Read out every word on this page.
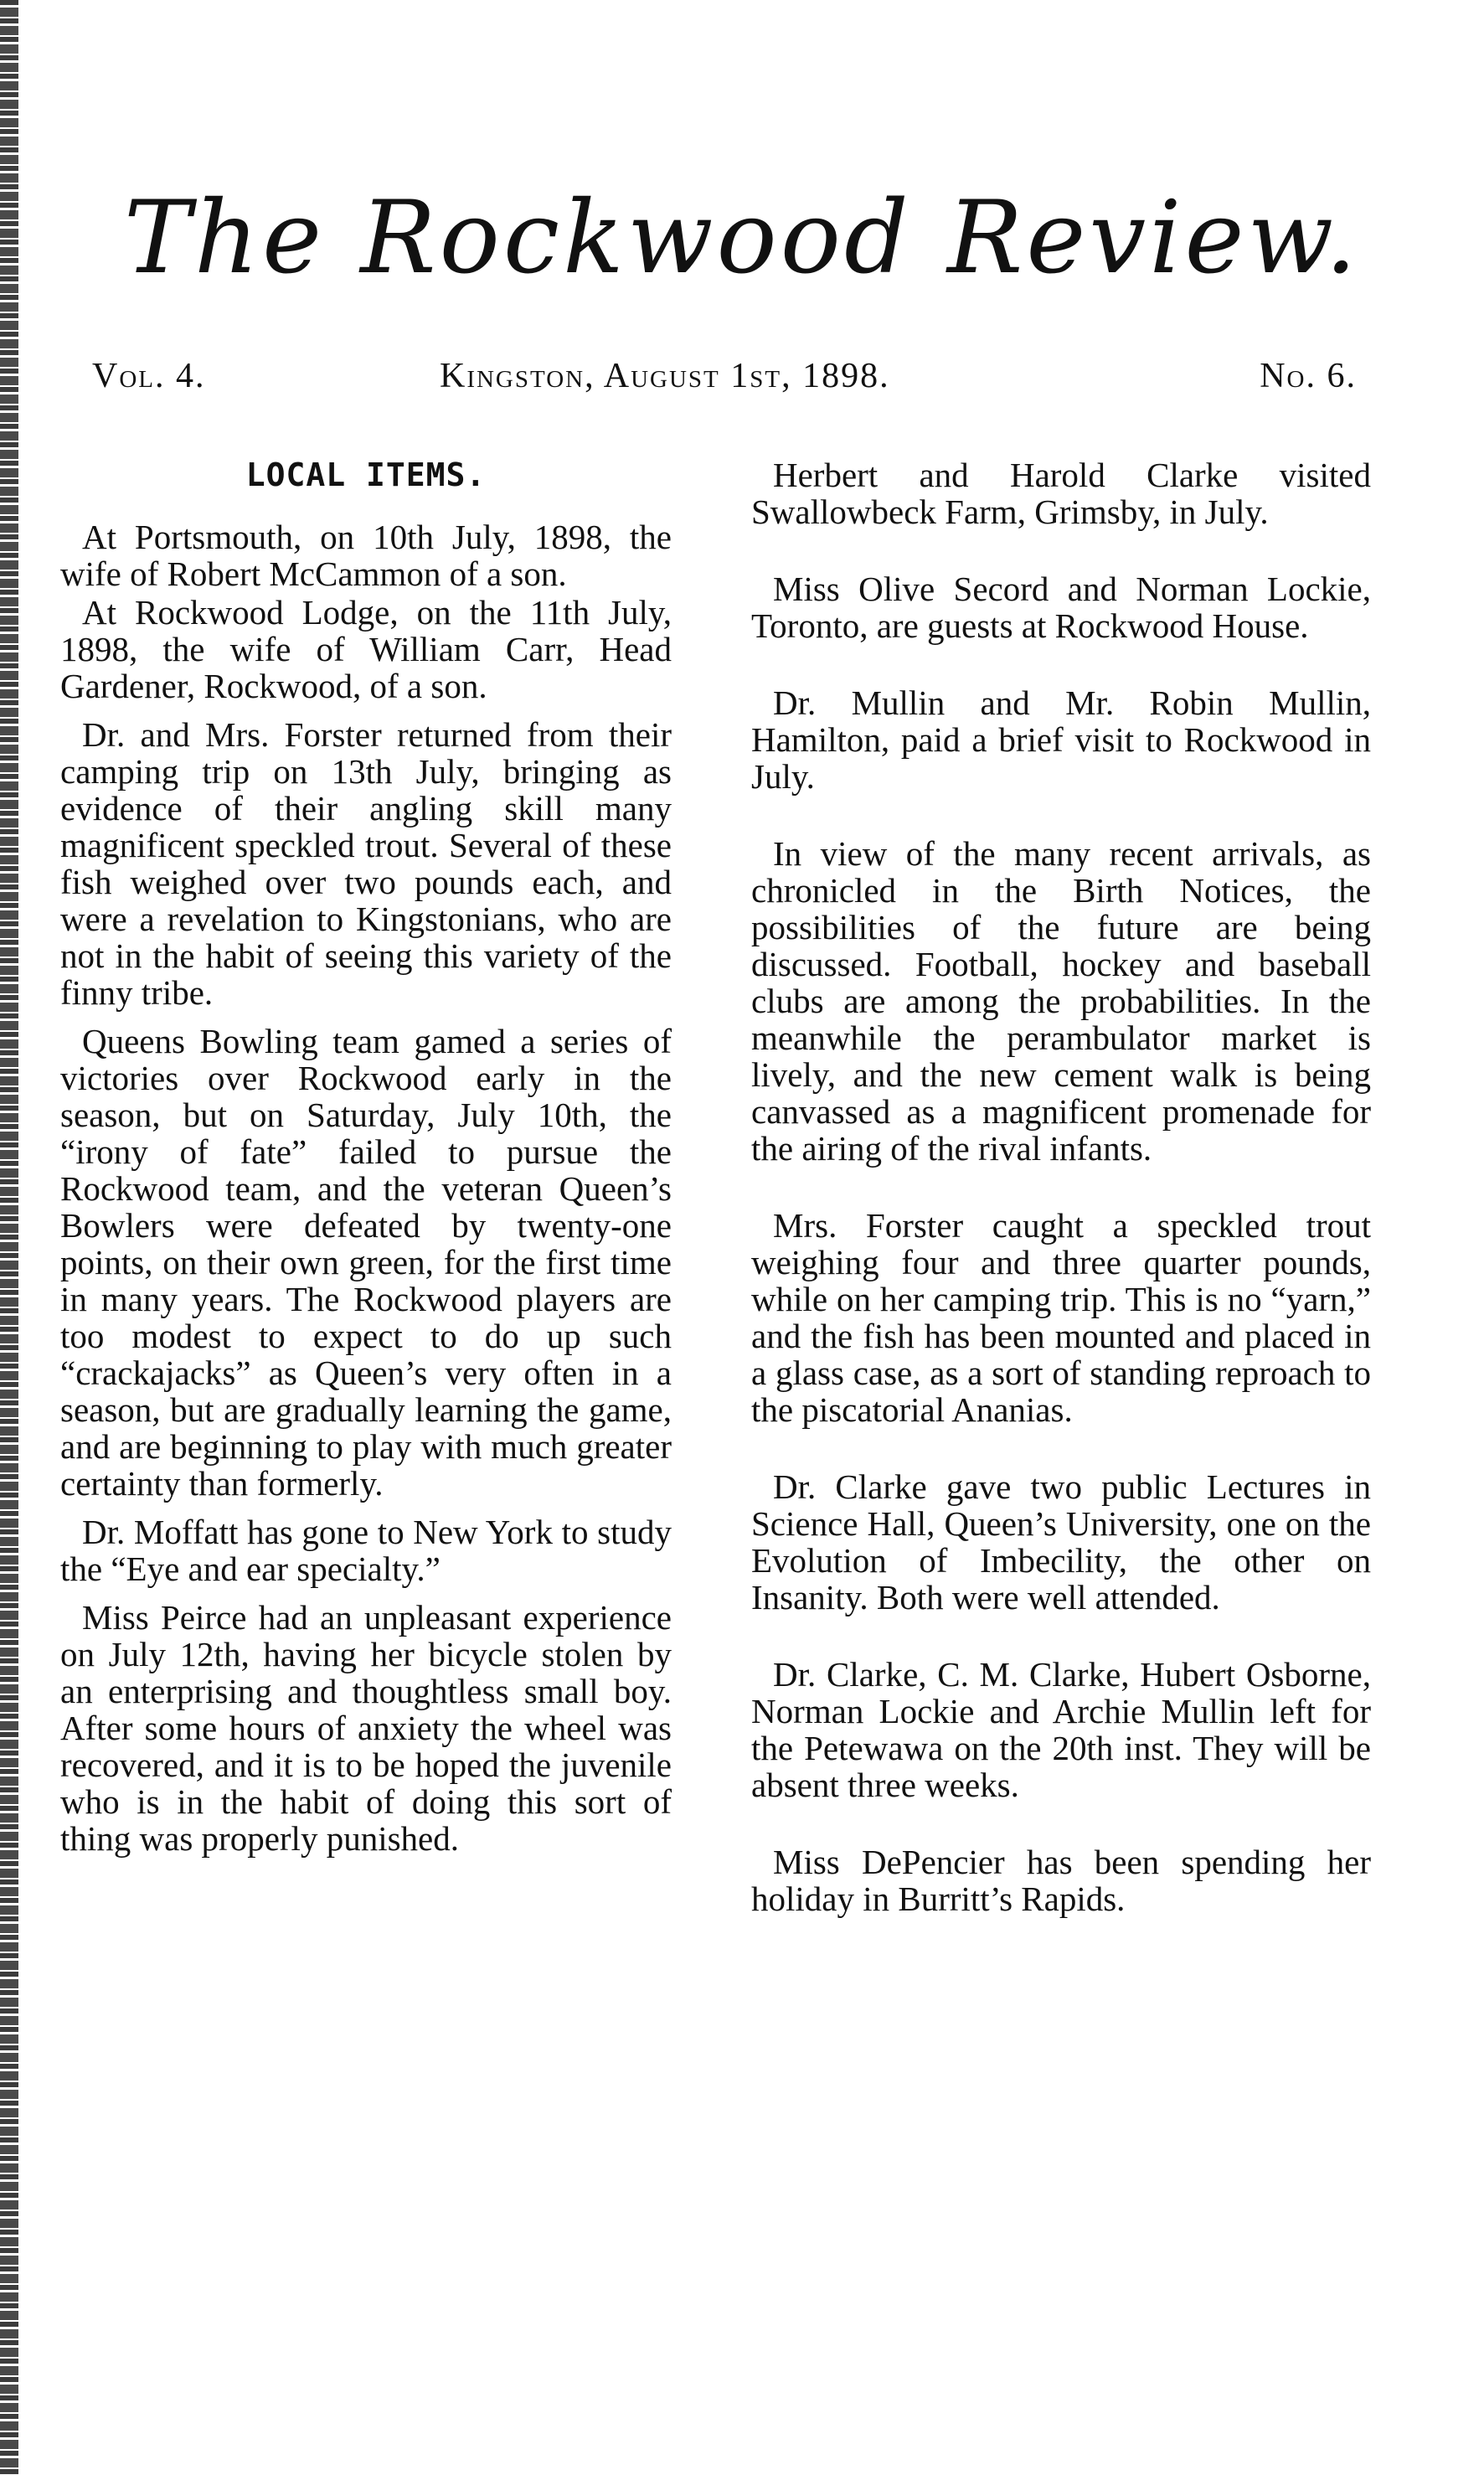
The Rockwood Review.
Vol. 4.	Kingston, August 1st, 1898.	No. 6.
LOCAL ITEMS.

At Portsmouth, on 10th July, 1898, the wife of Robert McCammon of a son.

At Rockwood Lodge, on the 11th July, 1898, the wife of William Carr, Head Gardener, Rockwood, of a son.

Dr. and Mrs. Forster returned from their camping trip on 13th July, bringing as evidence of their angling skill many magnificent speckled trout. Several of these fish weighed over two pounds each, and were a revelation to Kingstonians, who are not in the habit of seeing this variety of the finny tribe.

Queens Bowling team gamed a series of victories over Rockwood early in the season, but on Saturday, July 10th, the “irony of fate” failed to pursue the Rockwood team, and the veteran Queen’s Bowlers were defeated by twenty-one points, on their own green, for the first time in many years. The Rockwood players are too modest to expect to do up such “crackajacks” as Queen’s very often in a season, but are gradually learning the game, and are beginning to play with much greater certainty than formerly.

Dr. Moffatt has gone to New York to study the “Eye and ear specialty.”

Miss Peirce had an unpleasant experience on July 12th, having her bicycle stolen by an enterprising and thoughtless small boy. After some hours of anxiety the wheel was recovered, and it is to be hoped the juvenile who is in the habit of doing this sort of thing was properly punished.

Herbert and Harold Clarke visited Swallowbeck Farm, Grimsby, in July.

Miss Olive Secord and Norman Lockie, Toronto, are guests at Rockwood House.

Dr. Mullin and Mr. Robin Mullin, Hamilton, paid a brief visit to Rockwood in July.

In view of the many recent arrivals, as chronicled in the Birth Notices, the possibilities of the future are being discussed. Football, hockey and baseball clubs are among the probabilities. In the meanwhile the perambulator market is lively, and the new cement walk is being canvassed as a magnificent promenade for the airing of the rival infants.

Mrs. Forster caught a speckled trout weighing four and three quarter pounds, while on her camping trip. This is no “yarn,” and the fish has been mounted and placed in a glass case, as a sort of standing reproach to the piscatorial Ananias.

Dr. Clarke gave two public Lectures in Science Hall, Queen’s University, one on the Evolution of Imbecility, the other on Insanity. Both were well attended.

Dr. Clarke, C. M. Clarke, Hubert Osborne, Norman Lockie and Archie Mullin left for the Petewawa on the 20th inst. They will be absent three weeks.

Miss DePencier has been spending her holiday in Burritt’s Rapids.
